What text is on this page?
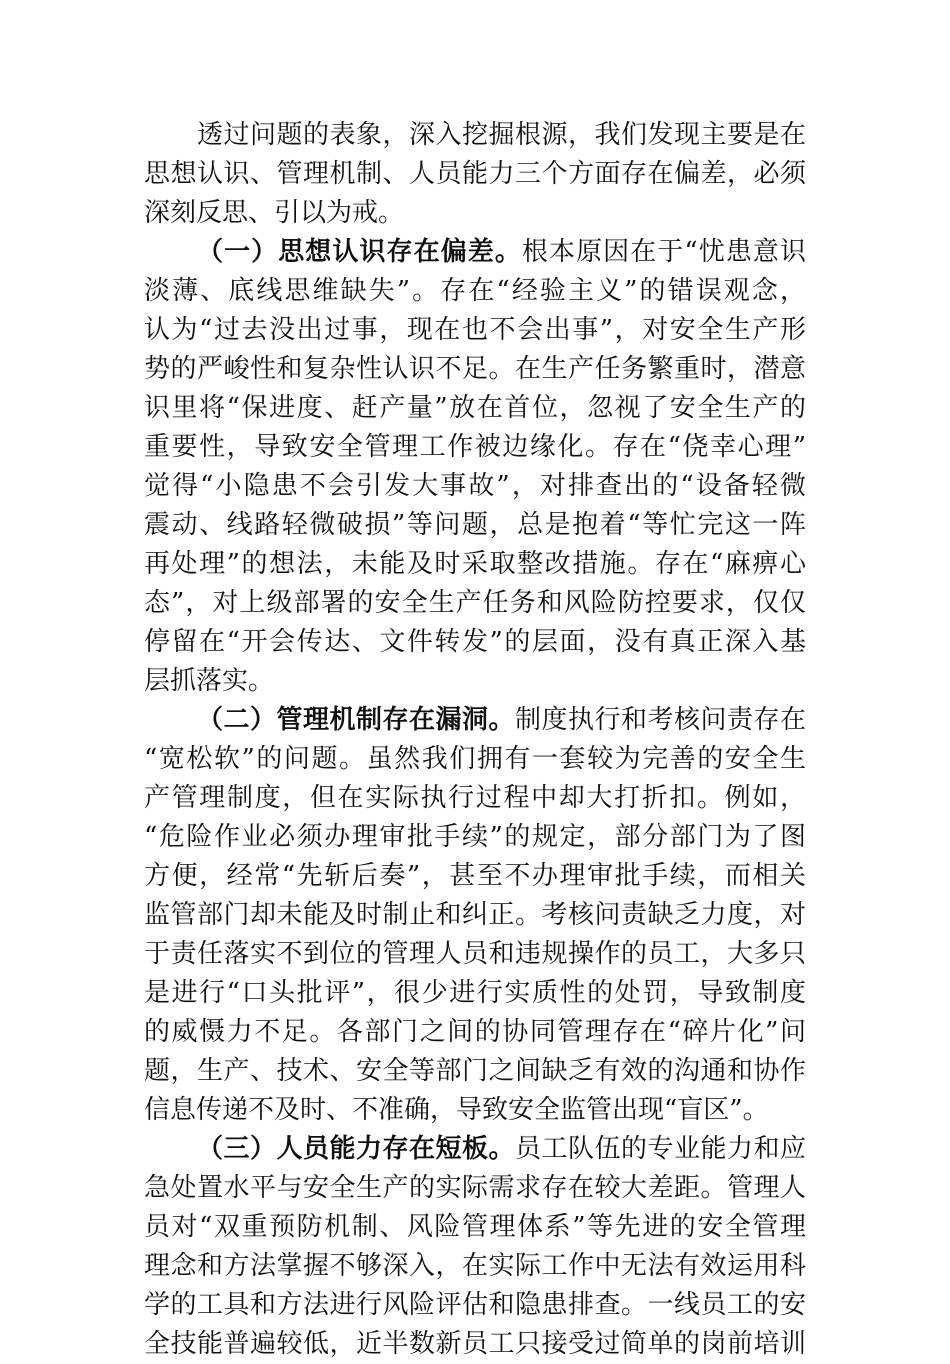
透过问题的表象，深入挖掘根源，我们发现主要是在
思想认识、管理机制、人员能力三个方面存在偏差，必须
深刻反思、引以为戒。
（一）思想认识存在偏差。根本原因在于“忧患意识
淡薄、底线思维缺失”。存在“经验主义”的错误观念，
认为“过去没出过事，现在也不会出事”，对安全生产形
势的严峻性和复杂性认识不足。在生产任务繁重时，潜意
识里将“保进度、赶产量”放在首位，忽视了安全生产的
重要性，导致安全管理工作被边缘化。存在“侥幸心理”
觉得“小隐患不会引发大事故”，对排查出的“设备轻微
震动、线路轻微破损”等问题，总是抱着“等忙完这一阵
再处理”的想法，未能及时采取整改措施。存在“麻痹心
态”，对上级部署的安全生产任务和风险防控要求，仅仅
停留在“开会传达、文件转发”的层面，没有真正深入基
层抓落实。
（二）管理机制存在漏洞。制度执行和考核问责存在
“宽松软”的问题。虽然我们拥有一套较为完善的安全生
产管理制度，但在实际执行过程中却大打折扣。例如，
“危险作业必须办理审批手续”的规定，部分部门为了图
方便，经常“先斩后奏”，甚至不办理审批手续，而相关
监管部门却未能及时制止和纠正。考核问责缺乏力度，对
于责任落实不到位的管理人员和违规操作的员工，大多只
是进行“口头批评”，很少进行实质性的处罚，导致制度
的威慑力不足。各部门之间的协同管理存在“碎片化”问
题，生产、技术、安全等部门之间缺乏有效的沟通和协作
信息传递不及时、不准确，导致安全监管出现“盲区”。
（三）人员能力存在短板。员工队伍的专业能力和应
急处置水平与安全生产的实际需求存在较大差距。管理人
员对“双重预防机制、风险管理体系”等先进的安全管理
理念和方法掌握不够深入，在实际工作中无法有效运用科
学的工具和方法进行风险评估和隐患排查。一线员工的安
全技能普遍较低，近半数新员工只接受过简单的岗前培训
